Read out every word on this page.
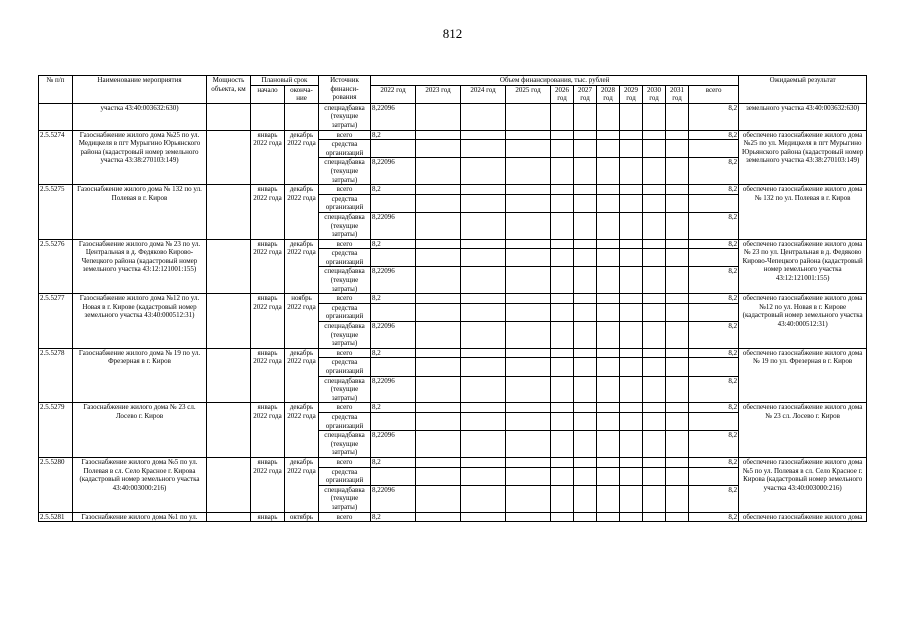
812
№ п/п	Наименование мероприятия	Мощность объекта, км	Плановый срок		Источник финанси-рования	Объем финансирования, тыс. рублей											Ожидаемый результат
			начало	оконча-ние		2022 год	2023 год	2024 год	2025 год	2026 год	2027 год	2028 год	2029 год	2030 год	2031 год	всего	
	участка 43:40:003632:630)				спецнадбавка (текущие затраты)	8,22096										8,2	земельного участка 43:40:003632:630)
2.5.5274	Газоснабжение жилого дома №25 по ул. Медицкеля в пгт Мурыгино Юрьянского района (кадастровый номер земельного участка 43:38:270103:149)		январь 2022 года	декабрь 2022 года	всего	8,2										8,2	обеспечено газоснабжение жилого дома №25 по ул. Медицкеля в пгт Мурыгино Юрьянского района (кадастровый номер земельного участка 43:38:270103:149)
					средства организаций												
					спецнадбавка (текущие затраты)	8,22096										8,2	
2.5.5275	Газоснабжение жилого дома № 132 по ул. Полевая в г. Киров		январь 2022 года	декабрь 2022 года	всего	8,2										8,2	обеспечено газоснабжение жилого дома № 132 по ул. Полевая в г. Киров
					средства организаций												
					спецнадбавка (текущие затраты)	8,22096										8,2	
2.5.5276	Газоснабжение жилого дома № 23 по ул. Центральная в д. Федяково Кирово-Чепецкого района (кадастровый номер земельного участка 43:12:121001:155)		январь 2022 года	декабрь 2022 года	всего	8,2										8,2	обеспечено газоснабжение жилого дома № 23 по ул. Центральная в д. Федяково Кирово-Чепецкого района (кадастровый номер земельного участка 43:12:121001:155)
					средства организаций												
					спецнадбавка (текущие затраты)	8,22096										8,2	
2.5.5277	Газоснабжение жилого дома №12 по ул. Новая в г. Кирове (кадастровый номер земельного участка 43:40:000512:31)		январь 2022 года	ноябрь 2022 года	всего	8,2										8,2	обеспечено газоснабжение жилого дома №12 по ул. Новая в г. Кирове (кадастровый номер земельного участка 43:40:000512:31)
					средства организаций												
					спецнадбавка (текущие затраты)	8,22096										8,2	
2.5.5278	Газоснабжение жилого дома № 19 по ул. Фрезерная в г. Киров		январь 2022 года	декабрь 2022 года	всего	8,2										8,2	обеспечено газоснабжение жилого дома № 19 по ул. Фрезерная в г. Киров
					средства организаций												
					спецнадбавка (текущие затраты)	8,22096										8,2	
2.5.5279	Газоснабжение жилого дома № 23 сл. Лосево г. Киров		январь 2022 года	декабрь 2022 года	всего	8,2										8,2	обеспечено газоснабжение жилого дома № 23 сл. Лосево г. Киров
					средства организаций												
					спецнадбавка (текущие затраты)	8,22096										8,2	
2.5.5280	Газоснабжение жилого дома №5 по ул. Полевая в сл. Село Красное г. Кирова (кадастровый номер земельного участка 43:40:003000:216)		январь 2022 года	декабрь 2022 года	всего	8,2										8,2	обеспечено газоснабжение жилого дома №5 по ул. Полевая в сл. Село Красное г. Кирова (кадастровый номер земельного участка 43:40:003000:216)
					средства организаций												
					спецнадбавка (текущие затраты)	8,22096										8,2	
2.5.5281	Газоснабжение жилого дома №1 по ул.		январь	октябрь	всего	8,2										8,2	обеспечено газоснабжение жилого дома
